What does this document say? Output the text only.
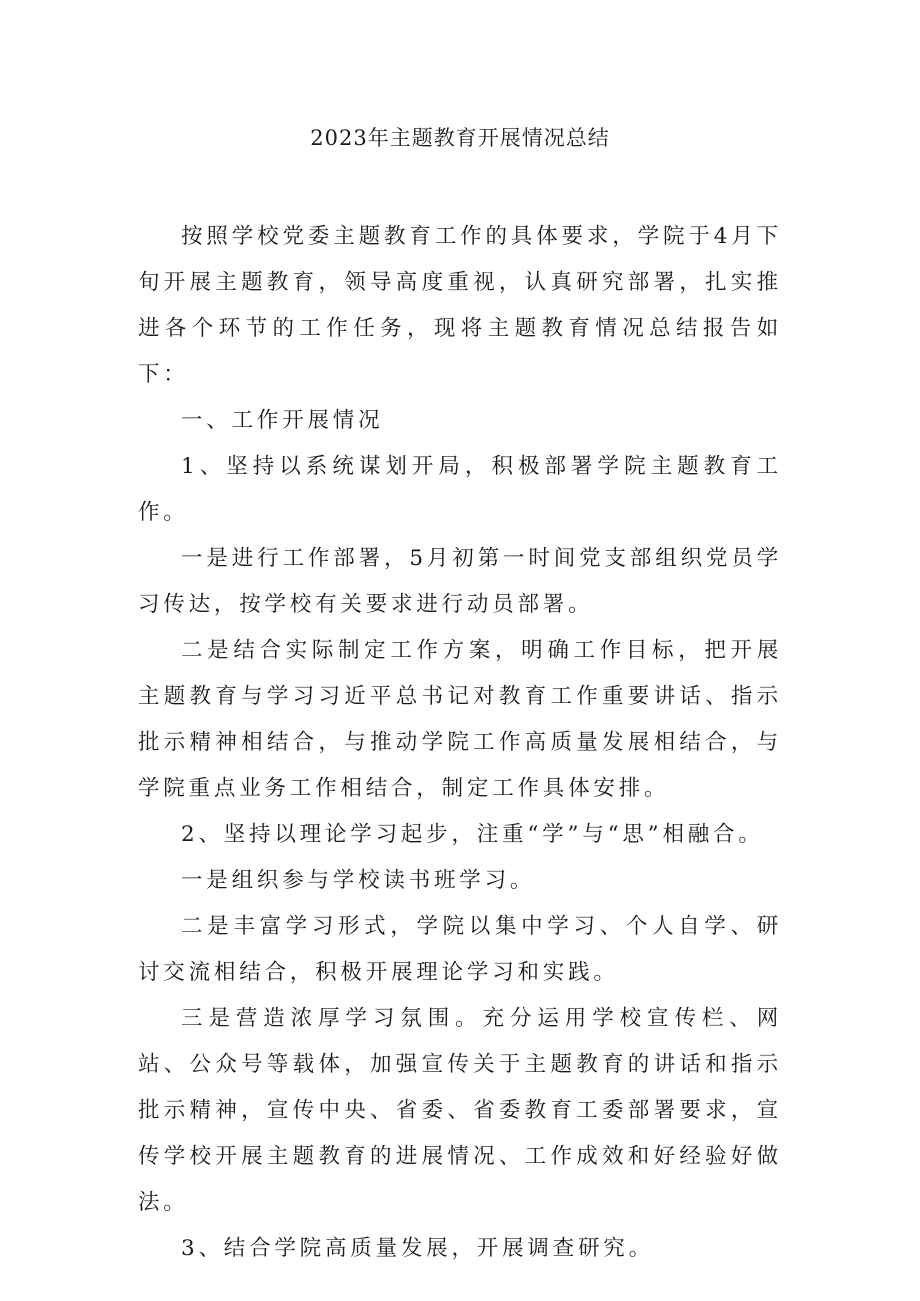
2023年主题教育开展情况总结

按照学校党委主题教育工作的具体要求，学院于4月下旬开展主题教育，领导高度重视，认真研究部署，扎实推进各个环节的工作任务，现将主题教育情况总结报告如下：

一、工作开展情况

1、坚持以系统谋划开局，积极部署学院主题教育工作。

一是进行工作部署，5月初第一时间党支部组织党员学习传达，按学校有关要求进行动员部署。

二是结合实际制定工作方案，明确工作目标，把开展主题教育与学习习近平总书记对教育工作重要讲话、指示批示精神相结合，与推动学院工作高质量发展相结合，与学院重点业务工作相结合，制定工作具体安排。

2、坚持以理论学习起步，注重“学”与“思”相融合。

一是组织参与学校读书班学习。

二是丰富学习形式，学院以集中学习、个人自学、研讨交流相结合，积极开展理论学习和实践。

三是营造浓厚学习氛围。充分运用学校宣传栏、网站、公众号等载体，加强宣传关于主题教育的讲话和指示批示精神，宣传中央、省委、省委教育工委部署要求，宣传学校开展主题教育的进展情况、工作成效和好经验好做法。

3、结合学院高质量发展，开展调查研究。
